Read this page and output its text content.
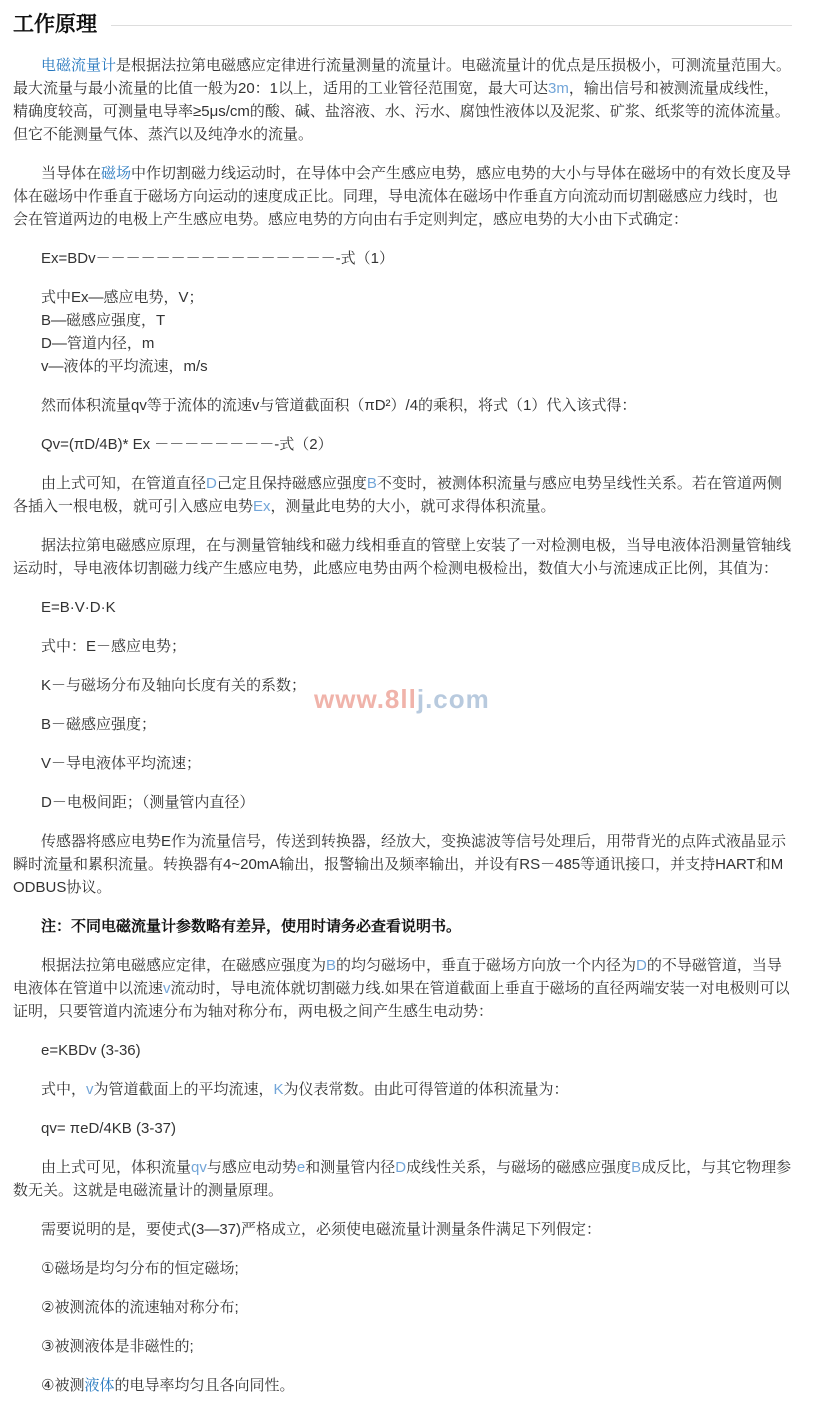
工作原理

电磁流量计是根据法拉第电磁感应定律进行流量测量的流量计。电磁流量计的优点是压损极小，可测流量范围大。最大流量与最小流量的比值一般为20：1以上，适用的工业管径范围宽，最大可达3m，输出信号和被测流量成线性，精确度较高，可测量电导率≥5μs/cm的酸、碱、盐溶液、水、污水、腐蚀性液体以及泥浆、矿浆、纸浆等的流体流量。但它不能测量气体、蒸汽以及纯净水的流量。

当导体在磁场中作切割磁力线运动时，在导体中会产生感应电势，感应电势的大小与导体在磁场中的有效长度及导体在磁场中作垂直于磁场方向运动的速度成正比。同理，导电流体在磁场中作垂直方向流动而切割磁感应力线时，也会在管道两边的电极上产生感应电势。感应电势的方向由右手定则判定，感应电势的大小由下式确定：

Ex=BDv－－－－－－－－－－－－－－－－-式（1）

式中Ex—感应电势，V；

B—磁感应强度，T

D—管道内径，m

v—液体的平均流速，m/s

然而体积流量qv等于流体的流速v与管道截面积（πD²）/4的乘积，将式（1）代入该式得：

Qv=(πD/4B)* Ex －－－－－－－－-式（2）

由上式可知，在管道直径D己定且保持磁感应强度B不变时，被测体积流量与感应电势呈线性关系。若在管道两侧各插入一根电极，就可引入感应电势Ex，测量此电势的大小，就可求得体积流量。

据法拉第电磁感应原理，在与测量管轴线和磁力线相垂直的管壁上安装了一对检测电极，当导电液体沿测量管轴线运动时，导电液体切割磁力线产生感应电势，此感应电势由两个检测电极检出，数值大小与流速成正比例，其值为：

E=B·V·D·K

式中：E－感应电势；

K－与磁场分布及轴向长度有关的系数；

B－磁感应强度；

V－导电液体平均流速；

D－电极间距；（测量管内直径）

传感器将感应电势E作为流量信号，传送到转换器，经放大，变换滤波等信号处理后，用带背光的点阵式液晶显示瞬时流量和累积流量。转换器有4~20mA输出，报警输出及频率输出，并设有RS－485等通讯接口，并支持HART和MODBUS协议。

注：不同电磁流量计参数略有差异，使用时请务必查看说明书。

根据法拉第电磁感应定律，在磁感应强度为B的均匀磁场中，垂直于磁场方向放一个内径为D的不导磁管道，当导电液体在管道中以流速v流动时，导电流体就切割磁力线.如果在管道截面上垂直于磁场的直径两端安装一对电极则可以证明，只要管道内流速分布为轴对称分布，两电极之间产生感生电动势：

e=KBDv (3-36)

式中，v为管道截面上的平均流速，K为仪表常数。由此可得管道的体积流量为：

qv= πeD/4KB (3-37)

由上式可见，体积流量qv与感应电动势e和测量管内径D成线性关系，与磁场的磁感应强度B成反比，与其它物理参数无关。这就是电磁流量计的测量原理。

需要说明的是，要使式(3—37)严格成立，必须使电磁流量计测量条件满足下列假定：

①磁场是均匀分布的恒定磁场;

②被测流体的流速轴对称分布;

③被测液体是非磁性的;

④被测液体的电导率均匀且各向同性。

www.8llj.com
